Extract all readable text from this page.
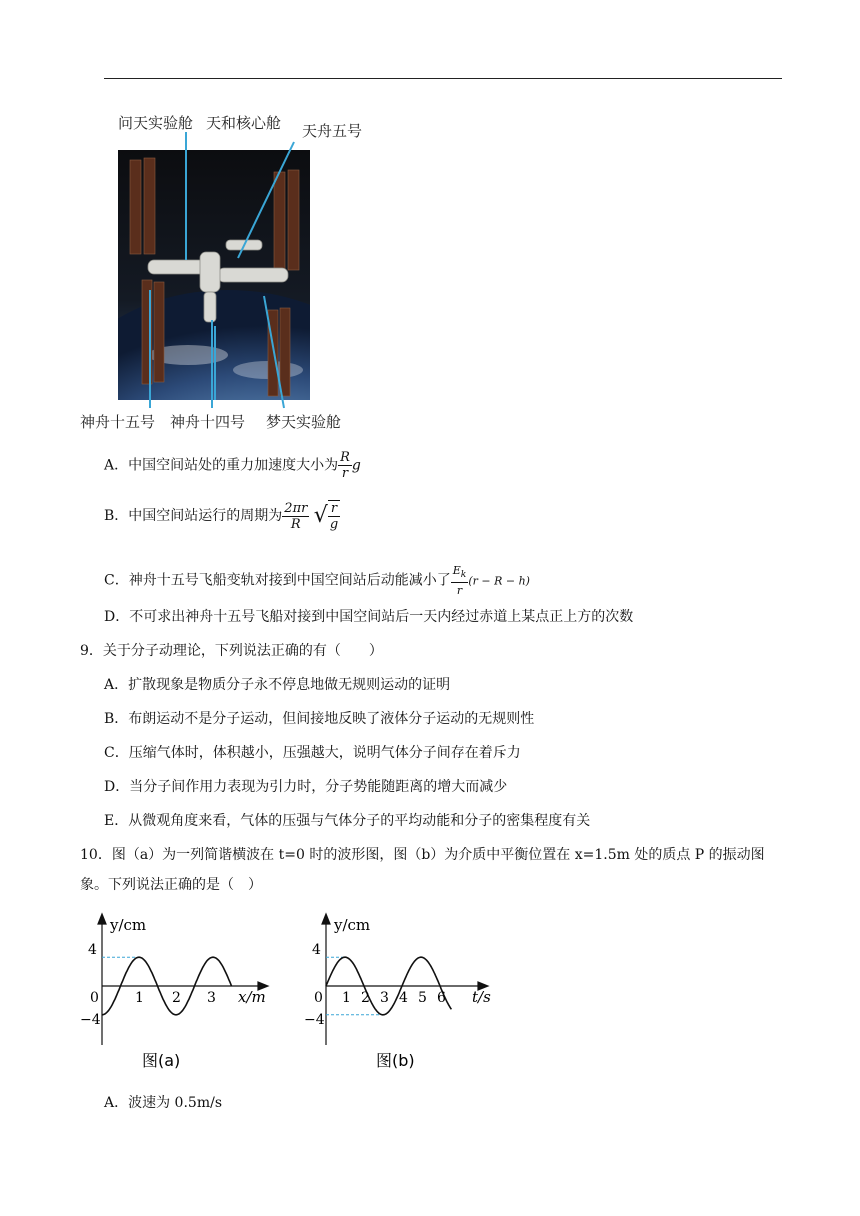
问天实验舱 天和核心舱 天舟五号
神舟十五号 神舟十四号 梦天实验舱
A．中国空间站处的重力加速度大小为 $\frac{R}{r}$ g
B．中国空间站运行的周期为 $\frac{2\pi r}{R}$ √ $\frac{r}{g}$
C．神舟十五号飞船变轨对接到中国空间站后动能减小了 $\frac{E_k}{r} (r - R - h)$
D．不可求出神舟十五号飞船对接到中国空间站后一天内经过赤道上某点正上方的次数
9．关于分子动理论，下列说法正确的有（　　）
A．扩散现象是物质分子永不停息地做无规则运动的证明
B．布朗运动不是分子运动，但间接地反映了液体分子运动的无规则性
C．压缩气体时，体积越小，压强越大，说明气体分子间存在着斥力
D．当分子间作用力表现为引力时，分子势能随距离的增大而减少
E．从微观角度来看，气体的压强与气体分子的平均动能和分子的密集程度有关
10．图（a）为一列简谐横波在 t=0 时的波形图，图（b）为介质中平衡位置在 x=1.5m 处的质点 P 的振动图
象。下列说法正确的是（　）
y/cm
x/m
4
−4
0	1 2 3
图(a)
y/cm
t/s
4
−4
0 1 2 3 4 5 6
图(b)
A．波速为 0.5m/s
